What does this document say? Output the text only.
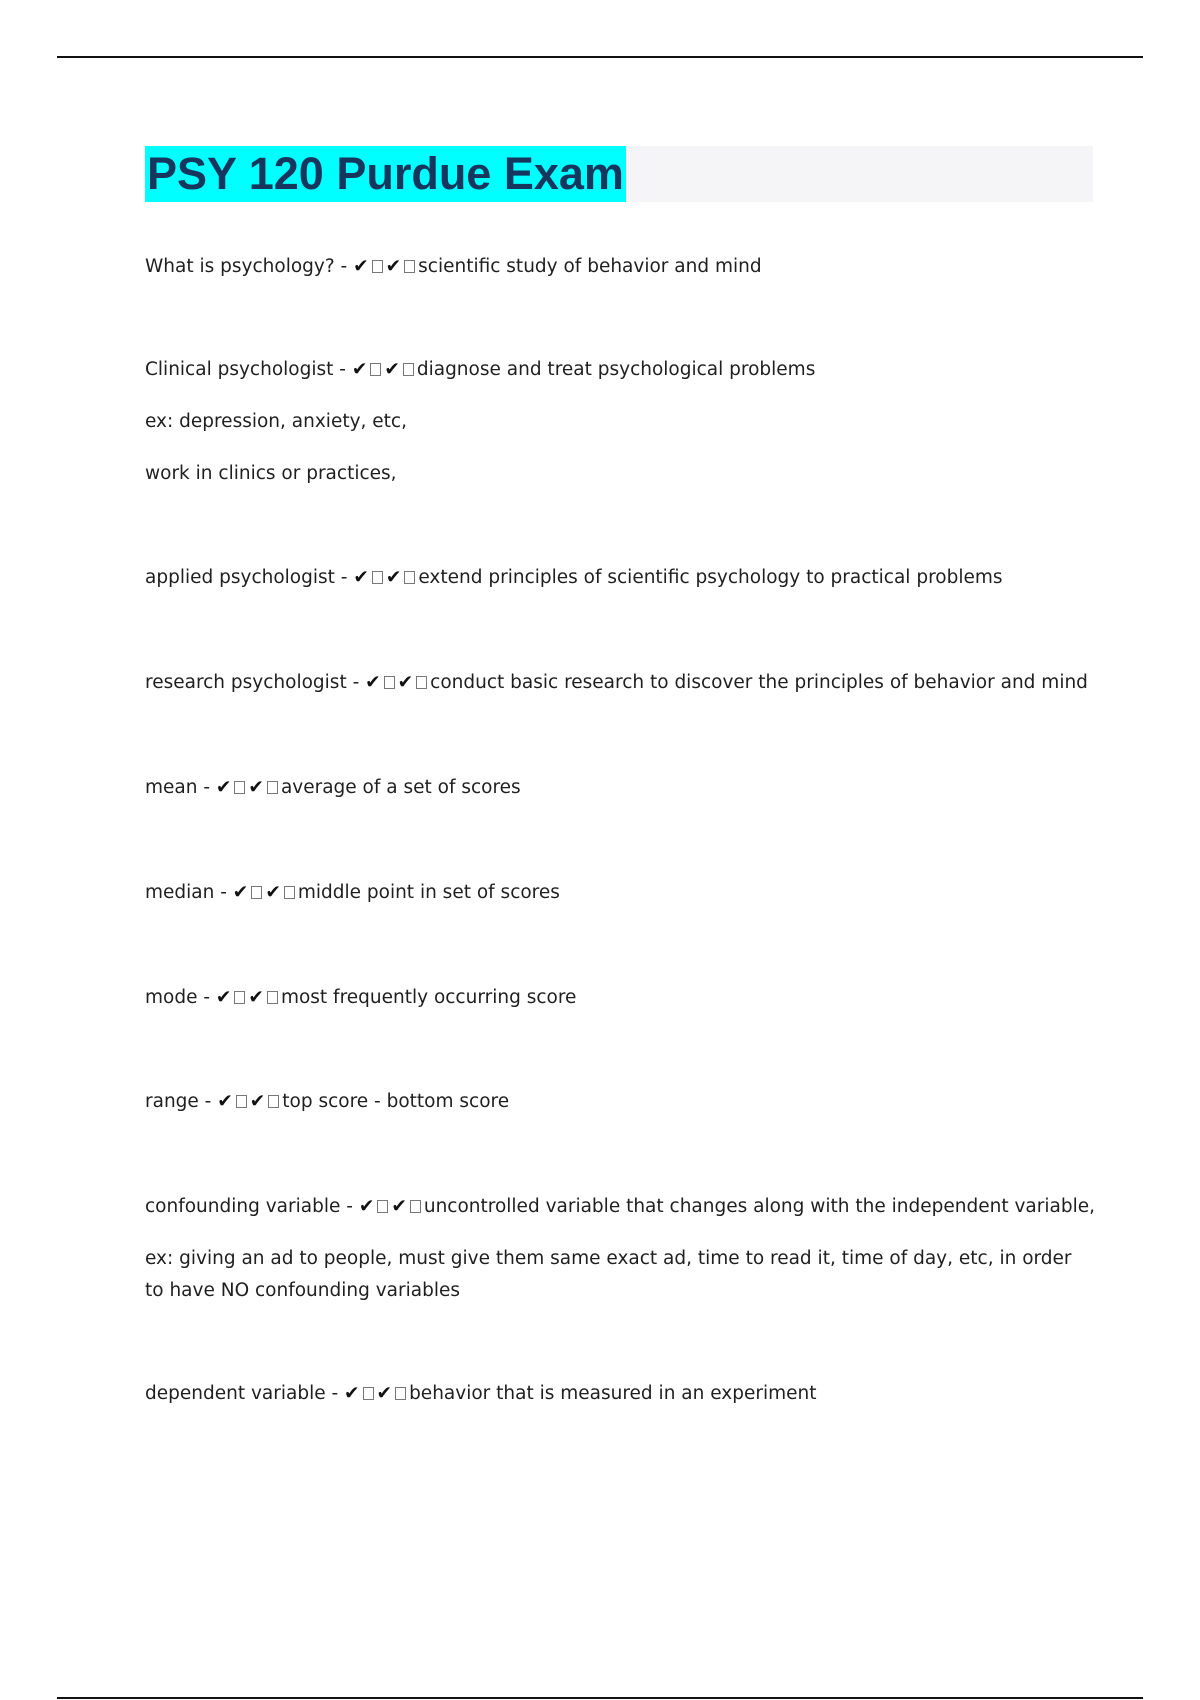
PSY 120 Purdue Exam
What is psychology? - ✔ ✔ scientific study of behavior and mind
Clinical psychologist - ✔ ✔ diagnose and treat psychological problems
ex: depression, anxiety, etc,
work in clinics or practices,
applied psychologist - ✔ ✔ extend principles of scientific psychology to practical problems
research psychologist - ✔ ✔ conduct basic research to discover the principles of behavior and mind
mean - ✔ ✔ average of a set of scores
median - ✔ ✔ middle point in set of scores
mode - ✔ ✔ most frequently occurring score
range - ✔ ✔ top score - bottom score
confounding variable - ✔ ✔ uncontrolled variable that changes along with the independent variable,
ex: giving an ad to people, must give them same exact ad, time to read it, time of day, etc, in order to have NO confounding variables
dependent variable - ✔ ✔ behavior that is measured in an experiment
